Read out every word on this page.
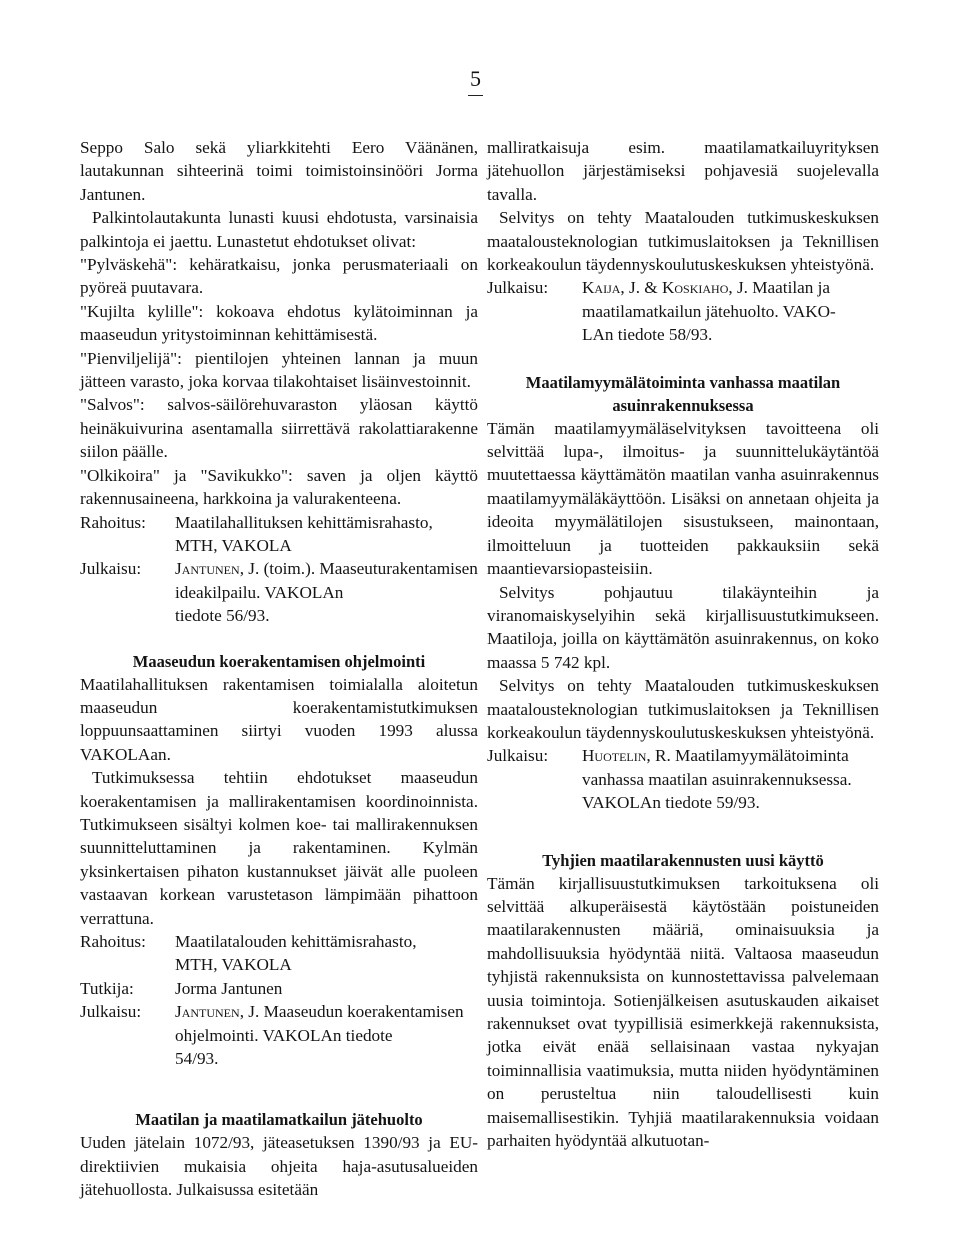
5

Seppo Salo sekä yliarkkitehti Eero Väänänen, lautakunnan sihteerinä toimi toimistoinsinööri Jorma Jantunen.

Palkintolautakunta lunasti kuusi ehdotusta, varsinaisia palkintoja ei jaettu. Lunastetut ehdotukset olivat:

"Pylväskehä": kehäratkaisu, jonka perusmateriaali on pyöreä puutavara.

"Kujilta kylille": kokoava ehdotus kylätoiminnan ja maaseudun yritystoiminnan kehittämisestä.

"Pienviljelijä": pientilojen yhteinen lannan ja muun jätteen varasto, joka korvaa tilakohtaiset lisäinvestoinnit.

"Salvos": salvos-säilörehuvaraston yläosan käyttö heinäkuivurina asentamalla siirrettävä rakolattiarakenne siilon päälle.

"Olkikoira" ja "Savikukko": saven ja oljen käyttö rakennusaineena, harkkoina ja valurakenteena.

Rahoitus:	Maatilahallituksen kehittämisrahasto,
MTH, VAKOLA
Julkaisu:	Jantunen, J. (toim.). Maaseuturakentamisen ideakilpailu. VAKOLAn
tiedote 56/93.
Maaseudun koerakentamisen ohjelmointi

Maatilahallituksen rakentamisen toimialalla aloitetun maaseudun koerakentamistutkimuksen loppuunsaattaminen siirtyi vuoden 1993 alussa VAKOLAan.

Tutkimuksessa tehtiin ehdotukset maaseudun koerakentamisen ja mallirakentamisen koordinoinnista. Tutkimukseen sisältyi kolmen koe- tai mallirakennuksen suunnitteluttaminen ja rakentaminen. Kylmän yksinkertaisen pihaton kustannukset jäivät alle puoleen vastaavan korkean varustetason lämpimään pihattoon verrattuna.

Rahoitus:	Maatilatalouden kehittämisrahasto,
MTH, VAKOLA
Tutkija:	Jorma Jantunen
Julkaisu:	Jantunen, J. Maaseudun koerakentamisen ohjelmointi. VAKOLAn tiedote
54/93.
Maatilan ja maatilamatkailun jätehuolto

Uuden jätelain 1072/93, jäteasetuksen 1390/93 ja EU-direktiivien mukaisia ohjeita haja-asutusalueiden jätehuollosta. Julkaisussa esitetään

malliratkaisuja esim. maatilamatkailuyrityksen jätehuollon järjestämiseksi pohjavesiä suojelevalla tavalla.

Selvitys on tehty Maatalouden tutkimuskeskuksen maatalousteknologian tutkimuslaitoksen ja Teknillisen korkeakoulun täydennyskoulutuskeskuksen yhteistyönä.

Julkaisu:	Kaija, J. & Koskiaho, J. Maatilan ja
maatilamatkailun jätehuolto. VAKO-
LAn tiedote 58/93.
Maatilamyymälätoiminta vanhassa maatilan asuinrakennuksessa

Tämän maatilamyymäläselvityksen tavoitteena oli selvittää lupa-, ilmoitus- ja suunnittelukäytäntöä muutettaessa käyttämätön maatilan vanha asuinrakennus maatilamyymäläkäyttöön. Lisäksi on annetaan ohjeita ja ideoita myymälätilojen sisustukseen, mainontaan, ilmoitteluun ja tuotteiden pakkauksiin sekä maantievarsiopasteisiin.

Selvitys pohjautuu tilakäynteihin ja viranomaiskyselyihin sekä kirjallisuustutkimukseen. Maatiloja, joilla on käyttämätön asuinrakennus, on koko maassa 5 742 kpl.

Selvitys on tehty Maatalouden tutkimuskeskuksen maatalousteknologian tutkimuslaitoksen ja Teknillisen korkeakoulun täydennyskoulutuskeskuksen yhteistyönä.

Julkaisu:	Huotelin, R. Maatilamyymälätoiminta vanhassa maatilan asuinrakennuksessa. VAKOLAn tiedote 59/93.
Tyhjien maatilarakennusten uusi käyttö

Tämän kirjallisuustutkimuksen tarkoituksena oli selvittää alkuperäisestä käytöstään poistuneiden maatilarakennusten määriä, ominaisuuksia ja mahdollisuuksia hyödyntää niitä. Valtaosa maaseudun tyhjistä rakennuksista on kunnostettavissa palvelemaan uusia toimintoja. Sotienjälkeisen asutuskauden aikaiset rakennukset ovat tyypillisiä esimerkkejä rakennuksista, jotka eivät enää sellaisinaan vastaa nykyajan toiminnallisia vaatimuksia, mutta niiden hyödyntäminen on perusteltua niin taloudellisesti kuin maisemallisestikin. Tyhjiä maatilarakennuksia voidaan parhaiten hyödyntää alkutuotan-
